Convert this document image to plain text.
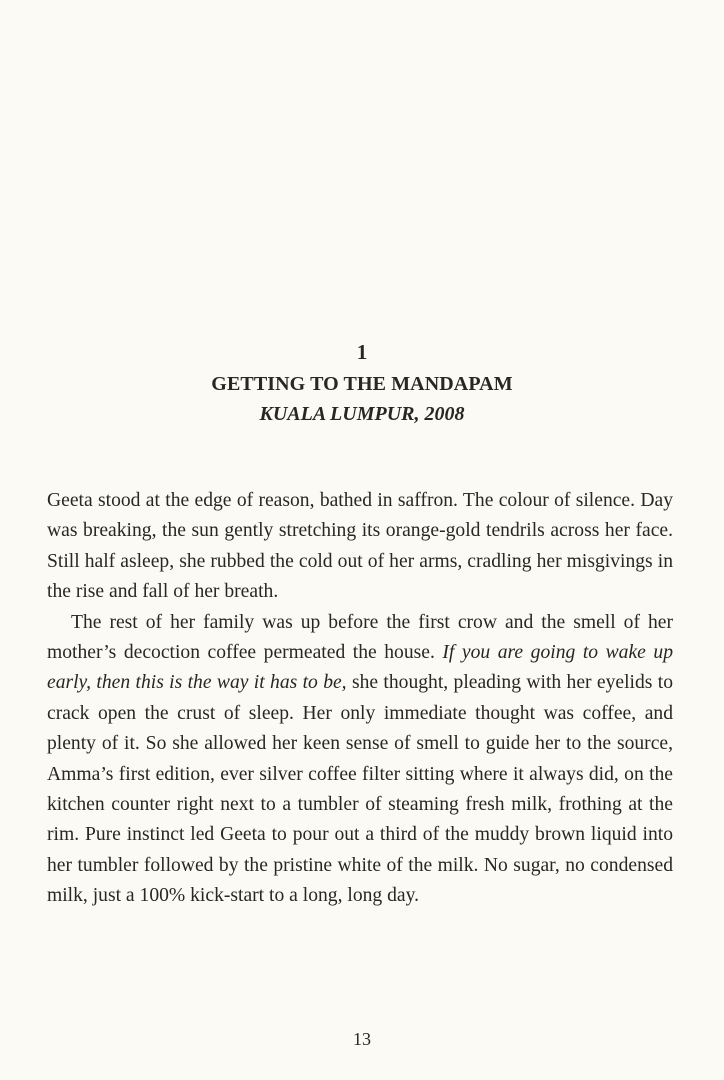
1
GETTING TO THE MANDAPAM
KUALA LUMPUR, 2008

Geeta stood at the edge of reason, bathed in saffron. The colour of silence. Day was breaking, the sun gently stretching its orange-gold tendrils across her face. Still half asleep, she rubbed the cold out of her arms, cradling her misgivings in the rise and fall of her breath.

The rest of her family was up before the first crow and the smell of her mother’s decoction coffee permeated the house. If you are going to wake up early, then this is the way it has to be, she thought, pleading with her eyelids to crack open the crust of sleep. Her only immediate thought was coffee, and plenty of it. So she allowed her keen sense of smell to guide her to the source, Amma’s first edition, ever silver coffee filter sitting where it always did, on the kitchen counter right next to a tumbler of steaming fresh milk, frothing at the rim. Pure instinct led Geeta to pour out a third of the muddy brown liquid into her tumbler followed by the pristine white of the milk. No sugar, no condensed milk, just a 100% kick-start to a long, long day.

13
